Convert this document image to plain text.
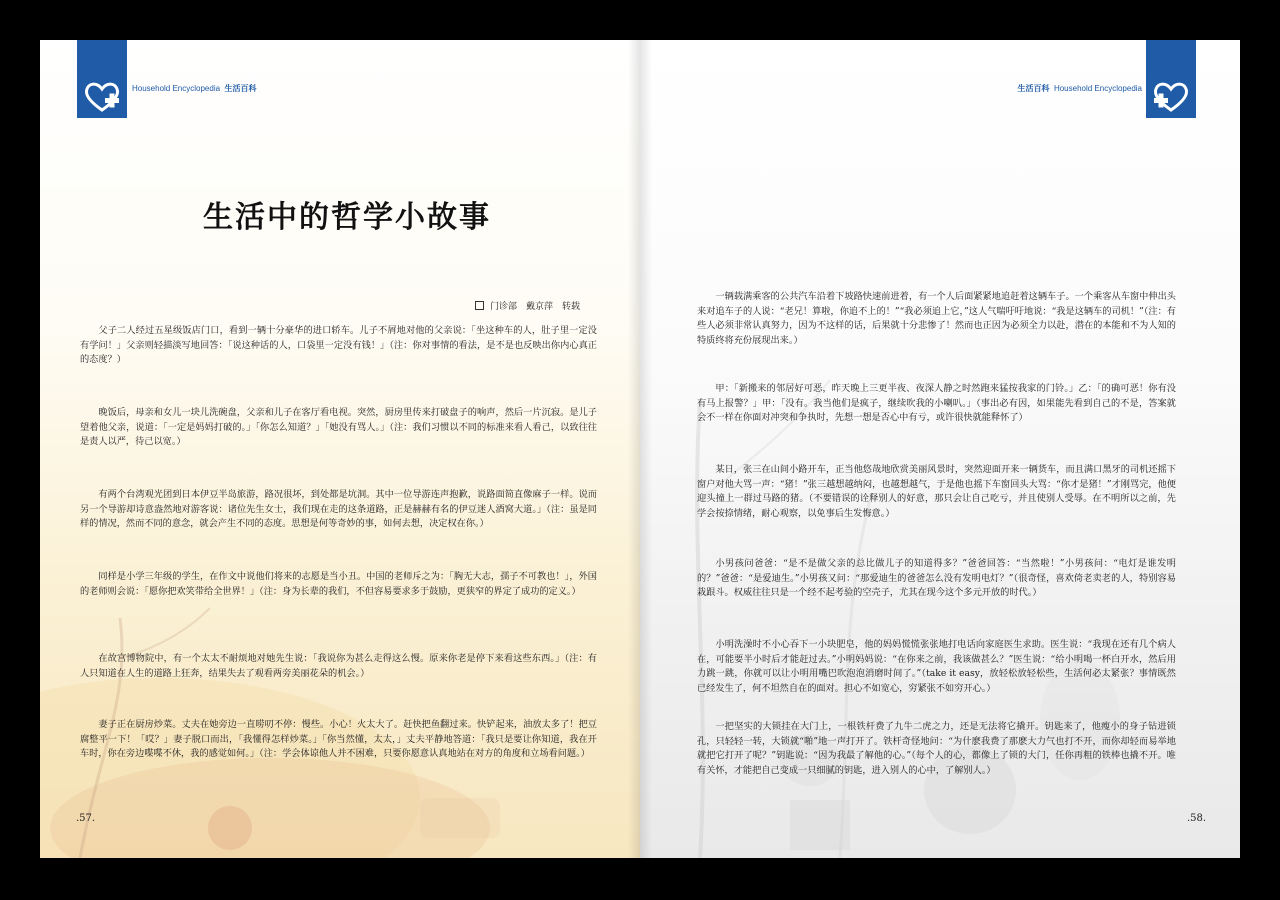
Household Encyclopedia 生活百科
生活中的哲学小故事
门诊部　戴京萍　转载

父子二人经过五星级饭店门口，看到一辆十分豪华的进口轿车。儿子不屑地对他的父亲说：「坐这种车的人，肚子里一定没有学问！」父亲则轻描淡写地回答：「说这种话的人，口袋里一定没有钱！」（注：你对事情的看法，是不是也反映出你内心真正的态度？）

晚饭后，母亲和女儿一块儿洗碗盘，父亲和儿子在客厅看电视。突然，厨房里传来打破盘子的响声，然后一片沉寂。是儿子望着他父亲，说道：「一定是妈妈打破的。」「你怎么知道？」「她没有骂人。」（注：我们习惯以不同的标准来看人看己，以致往往是责人以严，待己以宽。）

有两个台湾观光团到日本伊豆半岛旅游，路况很坏，到处都是坑洞。其中一位导游连声抱歉，说路面简直像麻子一样。说而另一个导游却诗意盎然地对游客说：诸位先生女士，我们现在走的这条道路，正是赫赫有名的伊豆迷人酒窝大道。」（注：虽是同样的情况，然而不同的意念，就会产生不同的态度。思想是何等奇妙的事，如何去想，决定权在你。）

同样是小学三年级的学生，在作文中说他们将来的志愿是当小丑。中国的老师斥之为：「胸无大志，孺子不可教也！」，外国的老师则会说：「愿你把欢笑带给全世界！」（注：身为长辈的我们，不但容易要求多于鼓励，更狭窄的界定了成功的定义。）

在故宫博物院中，有一个太太不耐烦地对她先生说：「我说你为甚么走得这么慢。原来你老是停下来看这些东西。」（注：有人只知道在人生的道路上狂奔，结果失去了观看两旁美丽花朵的机会。）

妻子正在厨房炒菜。丈夫在她旁边一直唠叨不停：慢些。小心！火太大了。赶快把鱼翻过来。快铲起来，油放太多了！把豆腐整平一下！「哎？」妻子脱口而出，「我懂得怎样炒菜。」「你当然懂，太太，」丈夫平静地答道：「我只是要让你知道，我在开车时，你在旁边喋喋不休，我的感觉如何。」（注：学会体谅他人并不困难，只要你愿意认真地站在对方的角度和立场看问题。）

.57.
生活百科 Household Encyclopedia

一辆载满乘客的公共汽车沿着下坡路快速前进着，有一个人后面紧紧地追赶着这辆车子。一个乘客从车窗中伸出头来对追车子的人说：“老兄！算啦，你追不上的！”“我必须追上它，”这人气喘吁吁地说：“我是这辆车的司机！”（注：有些人必须非常认真努力，因为不这样的话，后果就十分悲惨了！然而也正因为必须全力以赴，潜在的本能和不为人知的特质终将充份展现出来。）

甲：「新搬来的邻居好可恶，昨天晚上三更半夜、夜深人静之时然跑来猛按我家的门铃。」乙：「的确可恶！你有没有马上报警？」甲：「没有。我当他们是疯子，继续吹我的小喇叭。」（事出必有因，如果能先看到自己的不是，答案就会不一样在你面对冲突和争执时，先想一想是否心中有亏，或许很快就能释怀了）

某日，张三在山间小路开车，正当他悠哉地欣赏美丽风景时，突然迎面开来一辆货车，而且满口黑牙的司机还摇下窗户对他大骂一声：“猪！”张三越想越纳闷，也越想越气，于是他也摇下车窗回头大骂：“你才是猪！”才刚骂完，他便迎头撞上一群过马路的猪。（不要错误的诠释别人的好意，那只会让自己吃亏，并且使别人受辱。在不明所以之前，先学会按捺情绪，耐心观察，以免事后生发悔意。）

小男孩问爸爸：“是不是做父亲的总比做儿子的知道得多？”爸爸回答：“当然啦！”小男孩问：“电灯是谁发明的？”爸爸：“是爱迪生。”小男孩又问：“那爱迪生的爸爸怎么没有发明电灯？”（很奇怪，喜欢倚老卖老的人，特别容易栽跟斗。权威往往只是一个经不起考验的空壳子，尤其在现今这个多元开放的时代。）

小明洗澡时不小心吞下一小块肥皂，他的妈妈慌慌张张地打电话向家庭医生求助。医生说：“我现在还有几个病人在，可能要半小时后才能赶过去。”小明妈妈说：“在你来之前，我该做甚么？”医生说：“给小明喝一杯白开水，然后用力跳一跳，你就可以让小明用嘴巴吹泡泡消磨时间了。”（take it easy，放轻松放轻松些，生活何必太紧张？事情既然已经发生了，何不坦然自在的面对。担心不如宽心，穷紧张不如穷开心。）

一把坚实的大锁挂在大门上，一根铁杆费了九牛二虎之力，还是无法将它撬开。钥匙来了，他瘦小的身子钻进锁孔，只轻轻一转，大锁就“啪”地一声打开了。铁杆奇怪地问：“为什麽我费了那麽大力气也打不开，而你却轻而易举地就把它打开了呢？”钥匙说：“因为我最了解他的心。”（每个人的心，都像上了锁的大门，任你再粗的铁棒也撬不开。唯有关怀，才能把自己变成一只细腻的钥匙，进入别人的心中，了解别人。）

.58.
